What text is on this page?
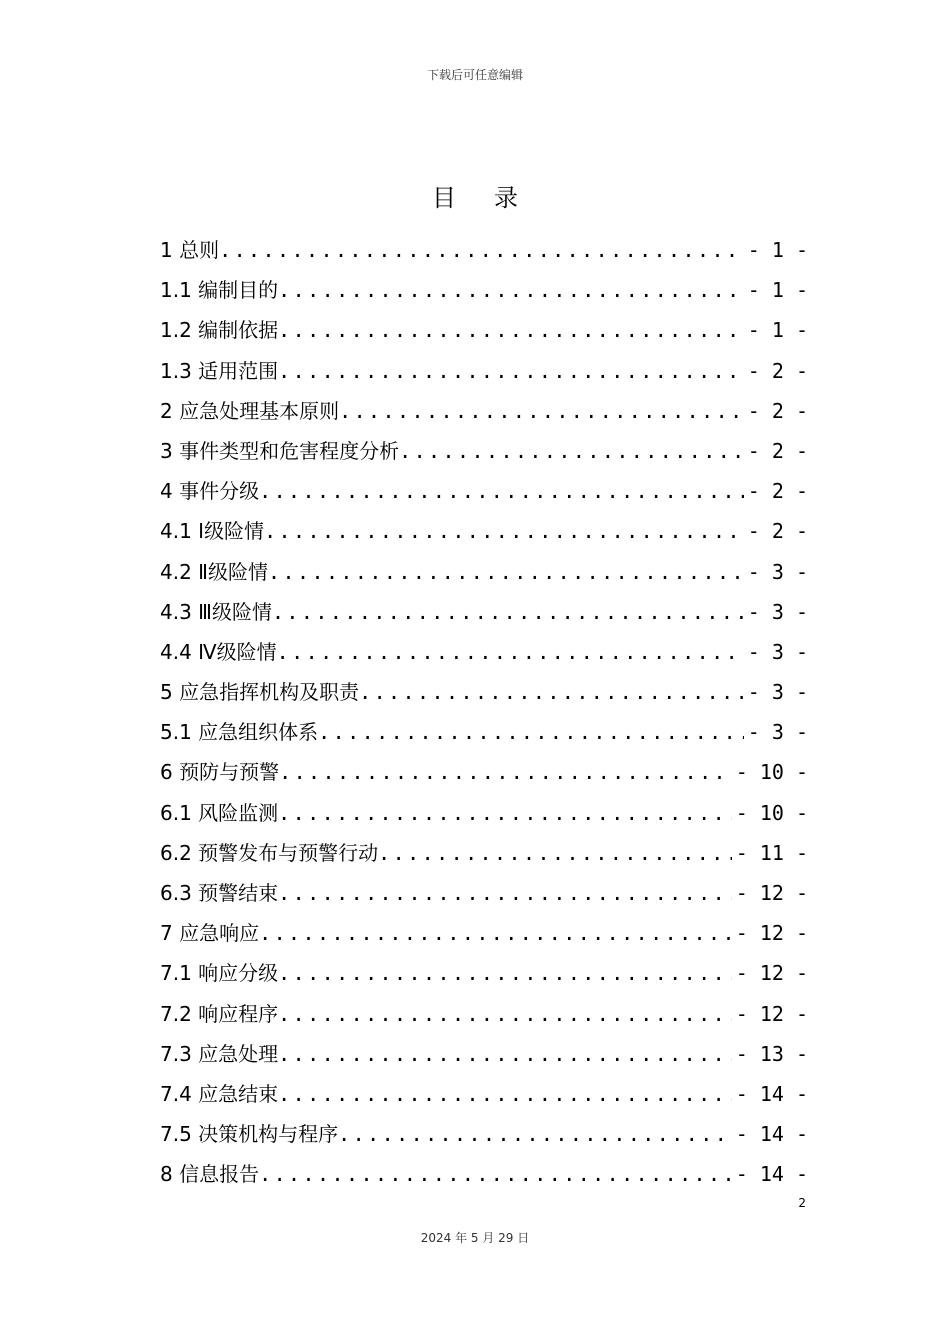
下载后可任意编辑
目录
1 总则 . . .	- 1 -
1.1 编制目的 . . .	- 1 -
1.2 编制依据 . . .	- 1 -
1.3 适用范围 . . .	- 2 -
2 应急处理基本原则 . . .	- 2 -
3 事件类型和危害程度分析 . . .	- 2 -
4 事件分级 . . .	- 2 -
4.1 Ⅰ级险情 . . .	- 2 -
4.2 Ⅱ级险情 . . .	- 3 -
4.3 Ⅲ级险情 . . .	- 3 -
4.4 Ⅳ级险情 . . .	- 3 -
5 应急指挥机构及职责 . . .	- 3 -
5.1 应急组织体系 . . .	- 3 -
6 预防与预警 . . .	- 10 -
6.1 风险监测 . . .	- 10 -
6.2 预警发布与预警行动 . . .	- 11 -
6.3 预警结束 . . .	- 12 -
7 应急响应 . . .	- 12 -
7.1 响应分级 . . .	- 12 -
7.2 响应程序 . . .	- 12 -
7.3 应急处理 . . .	- 13 -
7.4 应急结束 . . .	- 14 -
7.5 决策机构与程序 . . .	- 14 -
8 信息报告 . . .	- 14 -
2
2024 年 5 月 29 日
